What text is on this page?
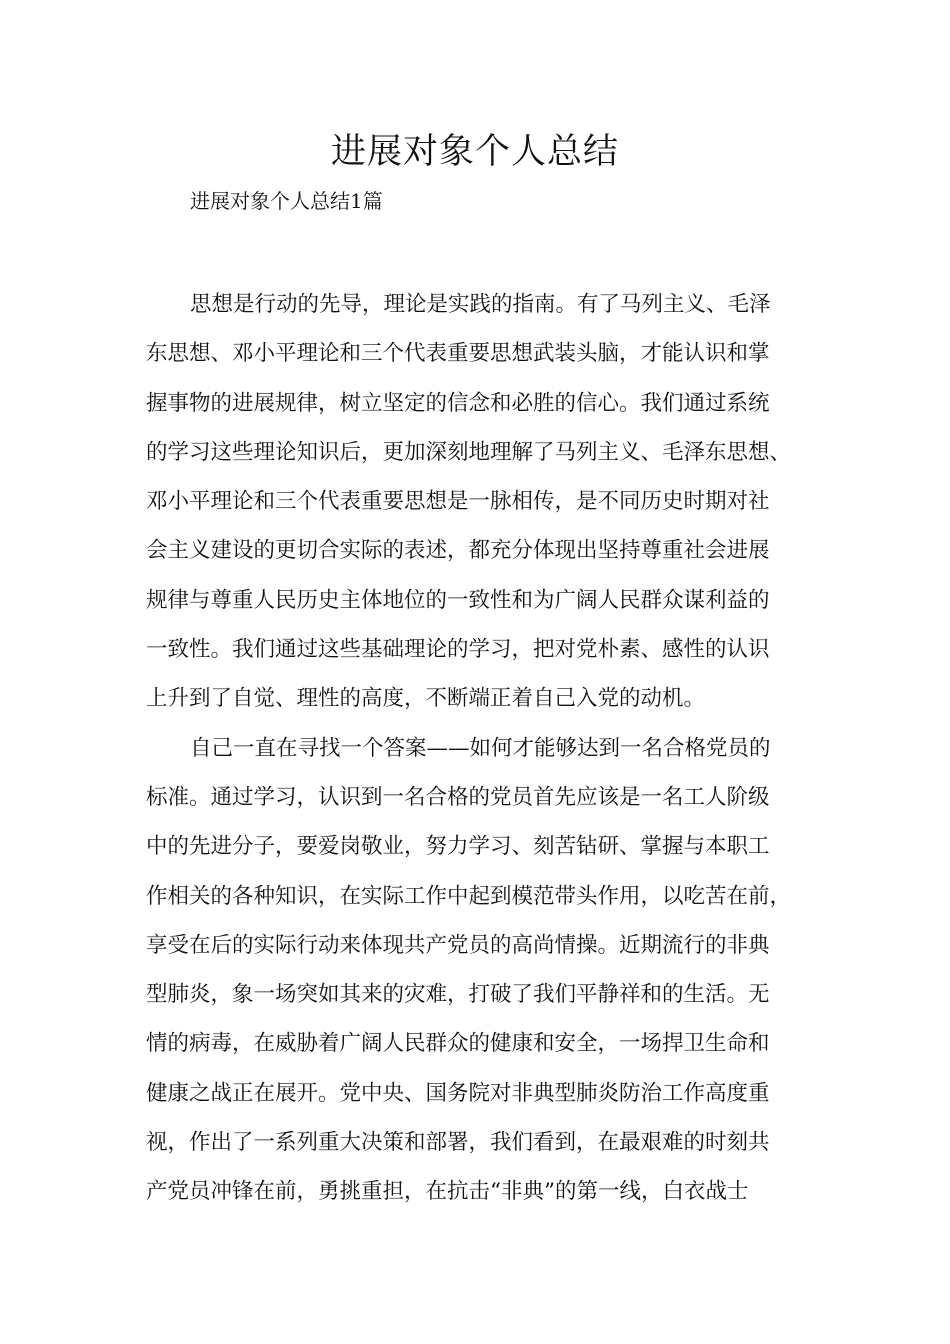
进展对象个人总结

进展对象个人总结1篇

思想是行动的先导，理论是实践的指南。有了马列主义、毛泽
东思想、邓小平理论和三个代表重要思想武装头脑，才能认识和掌
握事物的进展规律，树立坚定的信念和必胜的信心。我们通过系统
的学习这些理论知识后，更加深刻地理解了马列主义、毛泽东思想、
邓小平理论和三个代表重要思想是一脉相传，是不同历史时期对社
会主义建设的更切合实际的表述，都充分体现出坚持尊重社会进展
规律与尊重人民历史主体地位的一致性和为广阔人民群众谋利益的
一致性。我们通过这些基础理论的学习，把对党朴素、感性的认识
上升到了自觉、理性的高度，不断端正着自己入党的动机。
自己一直在寻找一个答案——如何才能够达到一名合格党员的
标准。通过学习，认识到一名合格的党员首先应该是一名工人阶级
中的先进分子，要爱岗敬业，努力学习、刻苦钻研、掌握与本职工
作相关的各种知识，在实际工作中起到模范带头作用，以吃苦在前，
享受在后的实际行动来体现共产党员的高尚情操。近期流行的非典
型肺炎，象一场突如其来的灾难，打破了我们平静祥和的生活。无
情的病毒，在威胁着广阔人民群众的健康和安全，一场捍卫生命和
健康之战正在展开。党中央、国务院对非典型肺炎防治工作高度重
视，作出了一系列重大决策和部署，我们看到，在最艰难的时刻共
产党员冲锋在前，勇挑重担，在抗击“非典”的第一线，白衣战士
